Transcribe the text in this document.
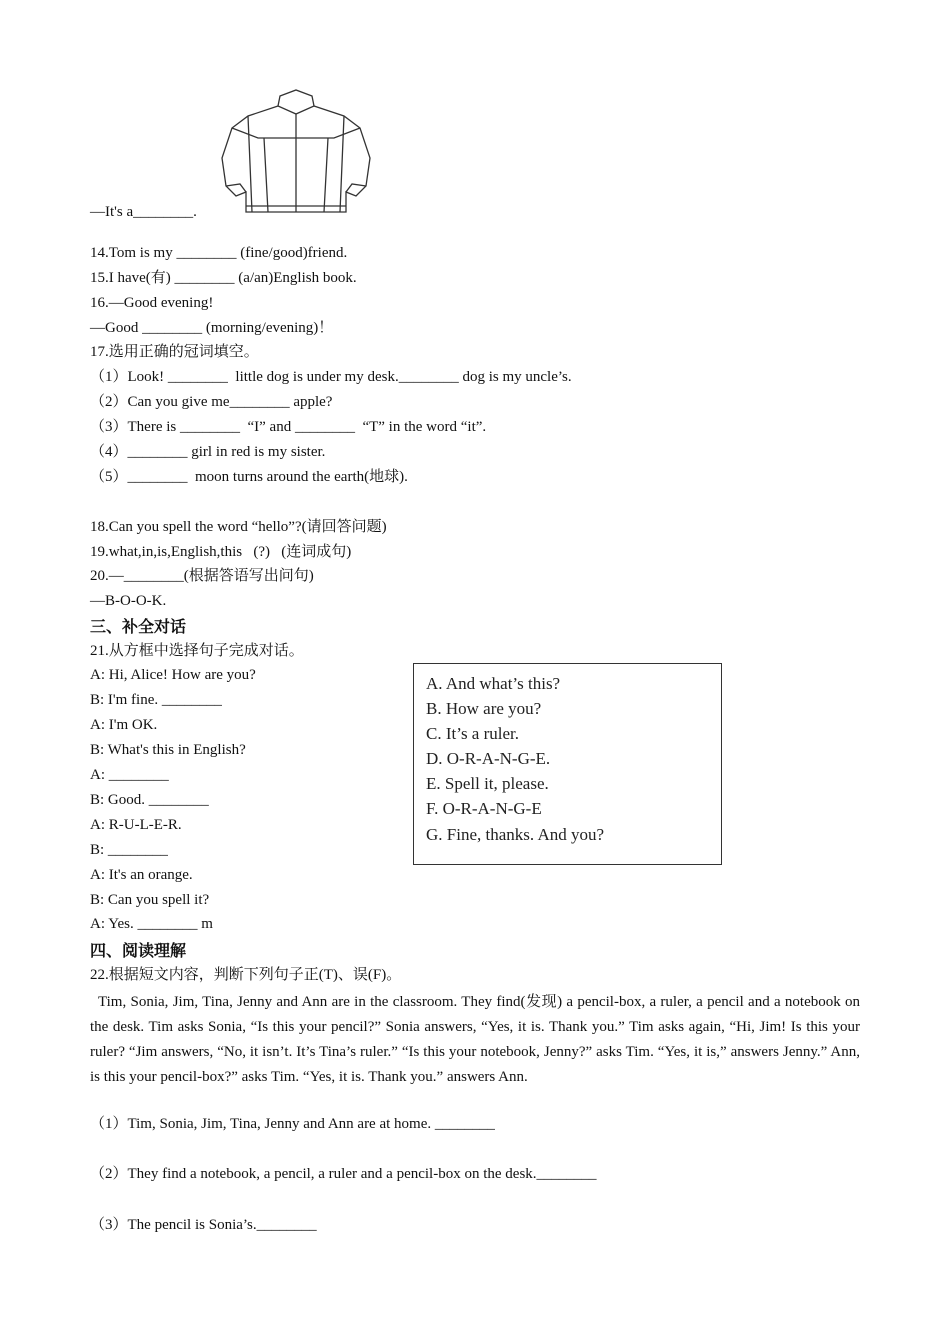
—It's a________.
14.Tom is my ________ (fine/good)friend.
15.I have(有) ________ (a/an)English book.
16.—Good evening!
—Good ________ (morning/evening)！
17.选用正确的冠词填空。
（1）Look! ________  little dog is under my desk.________ dog is my uncle’s.
（2）Can you give me________ apple?
（3）There is ________  “I” and ________  “T” in the word “it”.
（4）________ girl in red is my sister.
（5）________  moon turns around the earth(地球).
18.Can you spell the word “hello”?(请回答问题)
19.what,in,is,English,this   (?)   (连词成句)
20.—________(根据答语写出问句)
—B-O-O-K.
三、补全对话
21.从方框中选择句子完成对话。
A: Hi, Alice! How are you?
B: I'm fine. ________
A: I'm OK.
B: What's this in English?
A: ________
B: Good. ________
A: R-U-L-E-R.
B: ________
A: It's an orange.
B: Can you spell it?
A: Yes. ________ m
A. And what’s this?
B. How are you?
C. It’s a ruler.
D. O-R-A-N-G-E.
E. Spell it, please.
F. O-R-A-N-G-E
G. Fine, thanks. And you?
四、阅读理解
22.根据短文内容，判断下列句子正(T)、误(F)。
Tim, Sonia, Jim, Tina, Jenny and Ann are in the classroom. They find(发现) a pencil-box, a ruler, a pencil and a notebook on the desk. Tim asks Sonia, “Is this your pencil?” Sonia answers, “Yes, it is. Thank you.” Tim asks again, “Hi, Jim! Is this your ruler? “Jim answers, “No, it isn’t. It’s Tina’s ruler.” “Is this your notebook, Jenny?” asks Tim. “Yes, it is,” answers Jenny.” Ann, is this your pencil-box?” asks Tim. “Yes, it is. Thank you.” answers Ann.
（1）Tim, Sonia, Jim, Tina, Jenny and Ann are at home. ________
（2）They find a notebook, a pencil, a ruler and a pencil-box on the desk.________
（3）The pencil is Sonia’s.________
